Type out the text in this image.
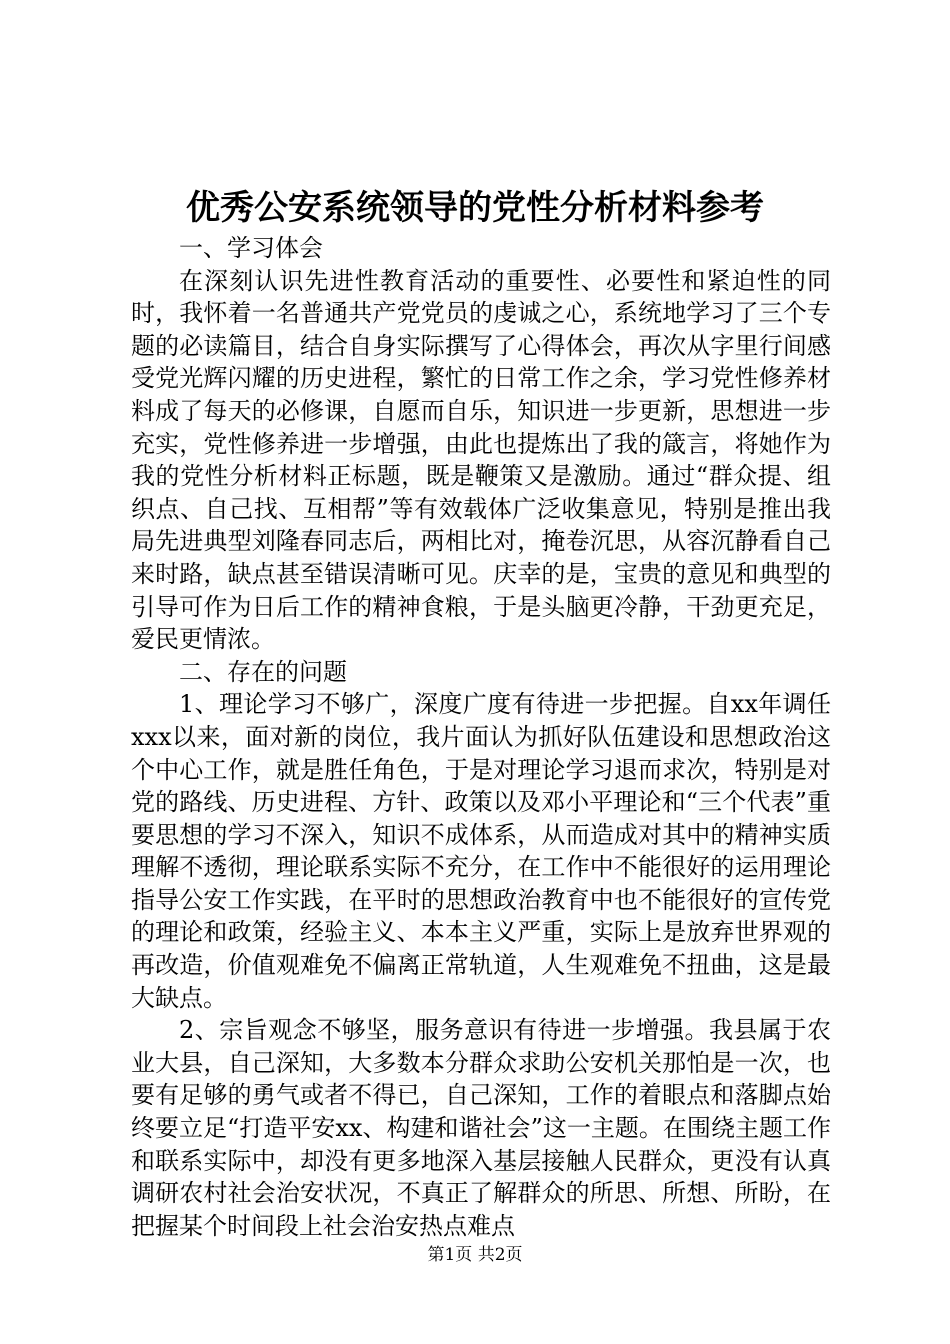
优秀公安系统领导的党性分析材料参考

一、学习体会

在深刻认识先进性教育活动的重要性、必要性和紧迫性的同时，我怀着一名普通共产党党员的虔诚之心，系统地学习了三个专题的必读篇目，结合自身实际撰写了心得体会，再次从字里行间感受党光辉闪耀的历史进程，繁忙的日常工作之余，学习党性修养材料成了每天的必修课，自愿而自乐，知识进一步更新，思想进一步充实，党性修养进一步增强，由此也提炼出了我的箴言，将她作为我的党性分析材料正标题，既是鞭策又是激励。通过“群众提、组织点、自己找、互相帮”等有效载体广泛收集意见，特别是推出我局先进典型刘隆春同志后，两相比对，掩卷沉思，从容沉静看自己来时路，缺点甚至错误清晰可见。庆幸的是，宝贵的意见和典型的引导可作为日后工作的精神食粮，于是头脑更冷静，干劲更充足，爱民更情浓。

二、存在的问题

1、理论学习不够广，深度广度有待进一步把握。自xx年调任xxx以来，面对新的岗位，我片面认为抓好队伍建设和思想政治这个中心工作，就是胜任角色，于是对理论学习退而求次，特别是对党的路线、历史进程、方针、政策以及邓小平理论和“三个代表”重要思想的学习不深入，知识不成体系，从而造成对其中的精神实质理解不透彻，理论联系实际不充分，在工作中不能很好的运用理论指导公安工作实践，在平时的思想政治教育中也不能很好的宣传党的理论和政策，经验主义、本本主义严重，实际上是放弃世界观的再改造，价值观难免不偏离正常轨道，人生观难免不扭曲，这是最大缺点。

2、宗旨观念不够坚，服务意识有待进一步增强。我县属于农业大县，自己深知，大多数本分群众求助公安机关那怕是一次，也要有足够的勇气或者不得已，自己深知，工作的着眼点和落脚点始终要立足“打造平安xx、构建和谐社会”这一主题。在围绕主题工作和联系实际中，却没有更多地深入基层接触人民群众，更没有认真调研农村社会治安状况，不真正了解群众的所思、所想、所盼，在把握某个时间段上社会治安热点难点

第1页 共2页
